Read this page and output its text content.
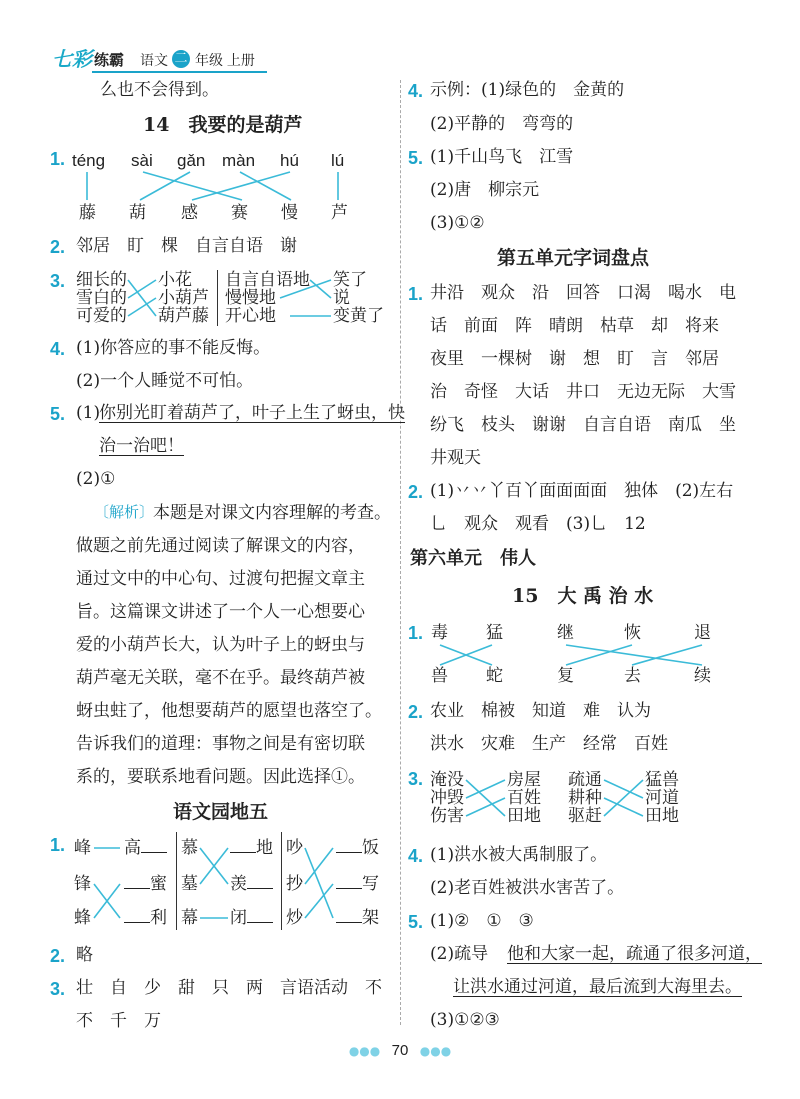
七彩 练霸 语文 二 年级 上册
么也不会得到。
14　我要的是葫芦
1. téng sài gǎn màn hú lú
藤 葫 感 赛 慢 芦
2. 邻居　盯　棵　自言自语　谢
3. 细长的
雪白的
可爱的
小花
小葫芦
葫芦藤
自言自语地
慢慢地
开心地
笑了
说
变黄了
4. (1)你答应的事不能反悔。
(2)一个人睡觉不可怕。
5. (1)
你别光盯着葫芦了，叶子上生了蚜虫，快
治一治吧！
(2)①
〔解析〕
本题是对课文内容理解的考查。
做题之前先通过阅读了解课文的内容，
通过文中的中心句、过渡句把握文章主
旨。这篇课文讲述了一个人一心想要心
爱的小葫芦长大，认为叶子上的蚜虫与
葫芦毫无关联，毫不在乎。最终葫芦被
蚜虫蛀了，他想要葫芦的愿望也落空了。
告诉我们的道理：事物之间是有密切联
系的，要联系地看问题。因此选择①。
语文园地五
1. 峰
锋
蜂
高
蜜
利
慕
墓
幕
地
羡
闭
吵
抄
炒
饭
写
架
2. 略
3. 壮　自　少　甜　只　两　言语活动　不
不　千　万
4. 示例：(1)绿色的　金黄的
(2)平静的　弯弯的
5. (1)千山鸟飞　江雪
(2)唐　柳宗元
(3)①②
第五单元字词盘点
1. 井沿　观众　沿　回答　口渴　喝水　电
话　前面　阵　晴朗　枯草　却　将来
夜里　一棵树　谢　想　盯　言　邻居
治　奇怪　大话　井口　无边无际　大雪
纷飞　枝头　谢谢　自言自语　南瓜　坐
井观天
2. (1)丷丷丫百丫面面面面　独体　(2)左右
乚　观众　观看　(3)乚　12
第六单元　伟人
15　大 禹 治 水
1. 毒 猛	继	恢	退
兽 蛇	复	去	续
2. 农业　棉被　知道　难　认为
洪水　灾难　生产　经常　百姓
3. 淹没
冲毁
伤害
房屋
百姓
田地
疏通
耕种
驱赶
猛兽
河道
田地
4. (1)洪水被大禹制服了。
(2)老百姓被洪水害苦了。
5. (1)②　①　③
(2)疏导 他和大家一起，疏通了很多河道，
让洪水通过河道，最后流到大海里去。
(3)①②③
●●● 70 ●●●
